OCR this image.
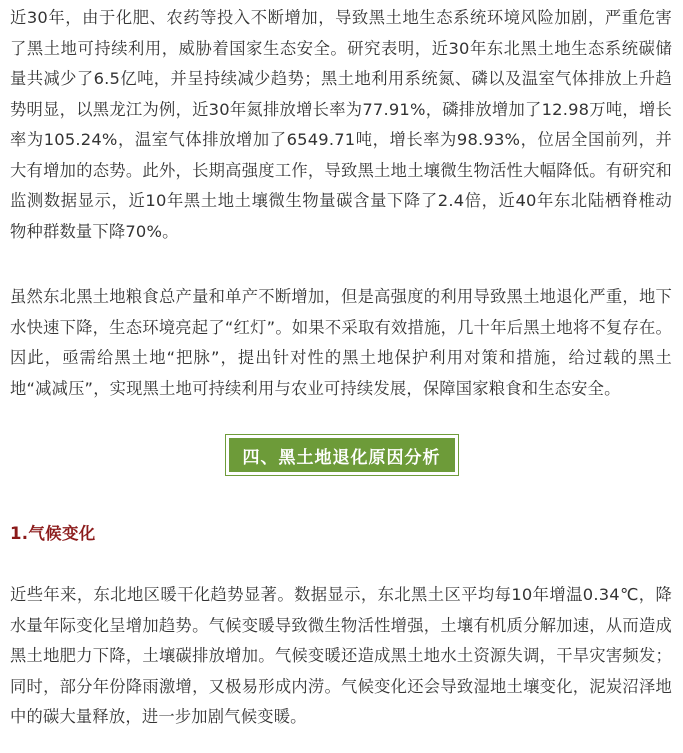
近30年，由于化肥、农药等投入不断增加，导致黑土地生态系统环境风险加剧，严重危害了黑土地可持续利用，威胁着国家生态安全。研究表明，近30年东北黑土地生态系统碳储量共减少了6.5亿吨，并呈持续减少趋势；黑土地利用系统氮、磷以及温室气体排放上升趋势明显，以黑龙江为例，近30年氮排放增长率为77.91%，磷排放增加了12.98万吨，增长率为105.24%，温室气体排放增加了6549.71吨，增长率为98.93%，位居全国前列，并大有增加的态势。此外，长期高强度工作，导致黑土地土壤微生物活性大幅降低。有研究和监测数据显示，近10年黑土地土壤微生物量碳含量下降了2.4倍，近40年东北陆栖脊椎动物种群数量下降70%。

虽然东北黑土地粮食总产量和单产不断增加，但是高强度的利用导致黑土地退化严重，地下水快速下降，生态环境亮起了“红灯”。如果不采取有效措施，几十年后黑土地将不复存在。因此，亟需给黑土地“把脉”，提出针对性的黑土地保护利用对策和措施，给过载的黑土地“减减压”，实现黑土地可持续利用与农业可持续发展，保障国家粮食和生态安全。

四、黑土地退化原因分析
1.气候变化

近些年来，东北地区暖干化趋势显著。数据显示，东北黑土区平均每10年增温0.34℃，降水量年际变化呈增加趋势。气候变暖导致微生物活性增强，土壤有机质分解加速，从而造成黑土地肥力下降，土壤碳排放增加。气候变暖还造成黑土地水土资源失调，干旱灾害频发；同时，部分年份降雨激增，又极易形成内涝。气候变化还会导致湿地土壤变化，泥炭沼泽地中的碳大量释放，进一步加剧气候变暖。
